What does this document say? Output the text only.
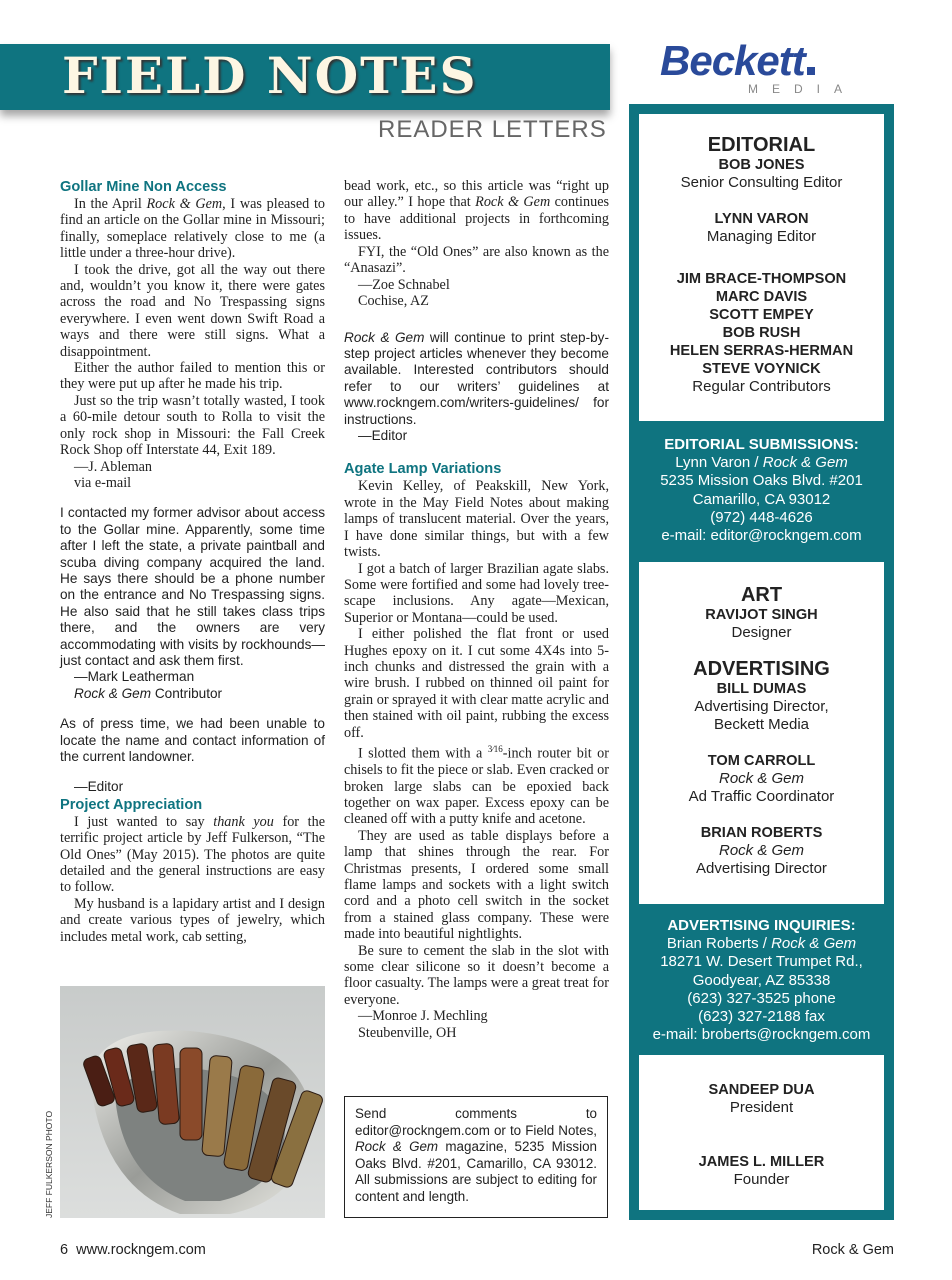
FIELD NOTES
READER LETTERS
Beckett
MEDIA
Gollar Mine Non Access

In the April Rock & Gem, I was pleased to find an article on the Gollar mine in Missouri; finally, someplace relatively close to me (a little under a three-hour drive).

I took the drive, got all the way out there and, wouldn’t you know it, there were gates across the road and No Trespassing signs everywhere. I even went down Swift Road a ways and there were still signs. What a disappointment.

Either the author failed to mention this or they were put up after he made his trip.

Just so the trip wasn’t totally wasted, I took a 60-mile detour south to Rolla to visit the only rock shop in Missouri: the Fall Creek Rock Shop off Interstate 44, Exit 189.

—J. Ableman

via e-mail

I contacted my former advisor about access to the Gollar mine. Apparently, some time after I left the state, a private paintball and scuba diving company acquired the land. He says there should be a phone number on the entrance and No Trespassing signs. He also said that he still takes class trips there, and the owners are very accommodating with visits by rockhounds—just contact and ask them first.

—Mark Leatherman

Rock & Gem Contributor

As of press time, we had been unable to locate the name and contact information of the current landowner.

—Editor

Project Appreciation

I just wanted to say thank you for the terrific project article by Jeff Fulkerson, “The Old Ones” (May 2015). The photos are quite detailed and the general instructions are easy to follow.

My husband is a lapidary artist and I design and create various types of jewelry, which includes metal work, cab setting,

JEFF FULKERSON PHOTO

bead work, etc., so this article was “right up our alley.” I hope that Rock & Gem continues to have additional projects in forthcoming issues.

FYI, the “Old Ones” are also known as the “Anasazi”.

—Zoe Schnabel

Cochise, AZ

Rock & Gem will continue to print step-by-step project articles whenever they become available. Interested contributors should refer to our writers’ guidelines at www.rockngem.com/writers-guidelines/ for instructions.

—Editor

Agate Lamp Variations

Kevin Kelley, of Peakskill, New York, wrote in the May Field Notes about making lamps of translucent material. Over the years, I have done similar things, but with a few twists.

I got a batch of larger Brazilian agate slabs. Some were fortified and some had lovely tree-scape inclusions. Any agate—Mexican, Superior or Montana—could be used.

I either polished the flat front or used Hughes epoxy on it. I cut some 4X4s into 5-inch chunks and distressed the grain with a wire brush. I rubbed on thinned oil paint for grain or sprayed it with clear matte acrylic and then stained with oil paint, rubbing the excess off.

I slotted them with a $^{3⁄16}$-inch router bit or chisels to fit the piece or slab. Even cracked or broken large slabs can be epoxied back together on wax paper. Excess epoxy can be cleaned off with a putty knife and acetone.

They are used as table displays before a lamp that shines through the rear. For Christmas presents, I ordered some small flame lamps and sockets with a light switch cord and a photo cell switch in the socket from a stained glass company. These were made into beautiful nightlights.

Be sure to cement the slab in the slot with some clear silicone so it doesn’t become a floor casualty. The lamps were a great treat for everyone.

—Monroe J. Mechling

Steubenville, OH

Send comments to editor@rockngem.com or to Field Notes, Rock & Gem magazine, 5235 Mission Oaks Blvd. #201, Camarillo, CA 93012. All submissions are subject to editing for content and length.
EDITORIAL
BOB JONES
Senior Consulting Editor
LYNN VARON
Managing Editor
JIM BRACE-THOMPSON
MARC DAVIS
SCOTT EMPEY
BOB RUSH
HELEN SERRAS-HERMAN
STEVE VOYNICK
Regular Contributors
EDITORIAL SUBMISSIONS:
Lynn Varon / Rock & Gem
5235 Mission Oaks Blvd. #201
Camarillo, CA 93012
(972) 448-4626
e-mail: editor@rockngem.com
ART
RAVIJOT SINGH
Designer
ADVERTISING
BILL DUMAS
Advertising Director,
Beckett Media
TOM CARROLL
Rock & Gem
Ad Traffic Coordinator
BRIAN ROBERTS
Rock & Gem
Advertising Director
ADVERTISING INQUIRIES:
Brian Roberts / Rock & Gem
18271 W. Desert Trumpet Rd.,
Goodyear, AZ 85338
(623) 327-3525 phone
(623) 327-2188 fax
e-mail: broberts@rockngem.com
SANDEEP DUA
President
JAMES L. MILLER
Founder
6 www.rockngem.com	Rock & Gem
